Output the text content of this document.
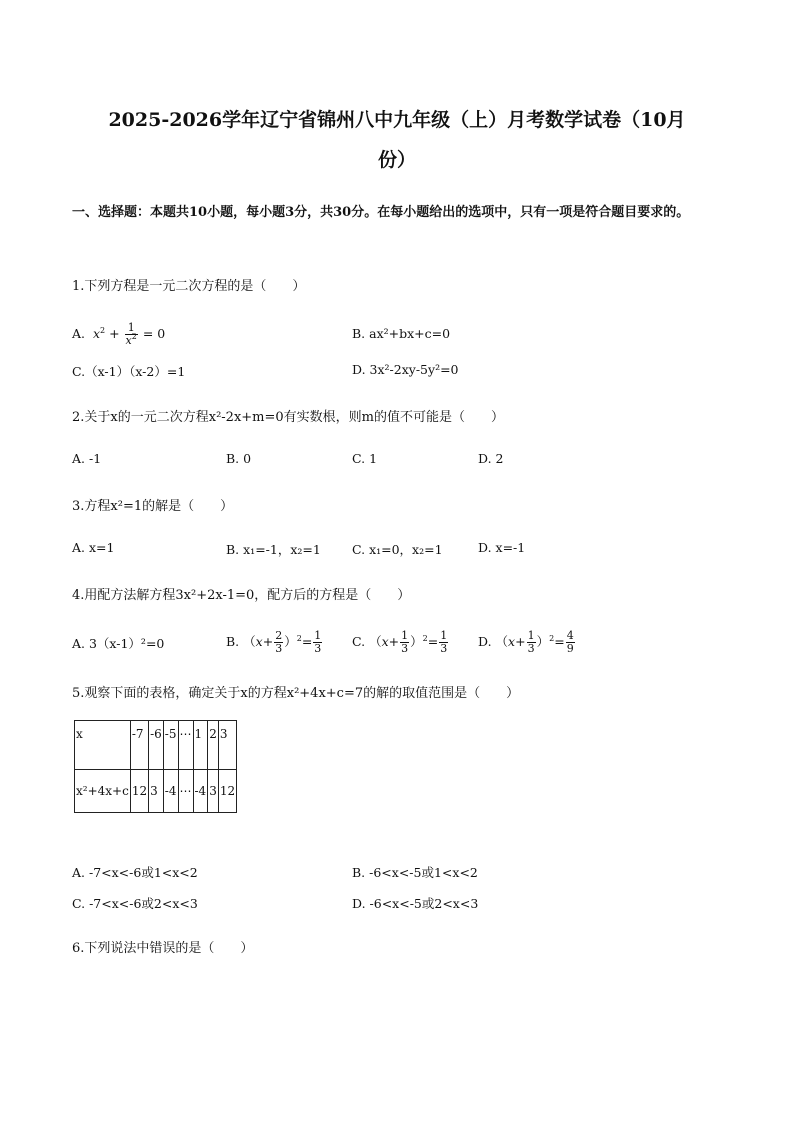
2025-2026学年辽宁省锦州八中九年级（上）月考数学试卷（10月
份）
一、选择题：本题共10小题，每小题3分，共30分。在每小题给出的选项中，只有一项是符合题目要求的。
1.下列方程是一元二次方程的是（　　）
A.  $x^2 + \frac{1}{x^2} = 0$	B. ax²+bx+c=0
C.（x-1）（x-2）=1	D. 3x²-2xy-5y²=0
2.关于x的一元二次方程x²-2x+m=0有实数根，则m的值不可能是（　　）
A. -1	B. 0	C. 1	D. 2
3.方程x²=1的解是（　　）
A. x=1	B. x₁=-1，x₂=1 C. x₁=0，x₂=1	D. x=-1
4.用配方法解方程3x²+2x-1=0，配方后的方程是（　　）
A. 3（x-1）²=0	B. $(x+ \frac{2}{3} )^2= \frac{1}{3} C$. $(x+ \frac{1}{3} )^2= \frac{1}{3} D$. $(x+ \frac{1}{3} )^2= \frac{4}{9}$
5.观察下面的表格，确定关于x的方程x²+4x+c=7的解的取值范围是（　　）
x	-7	-6	-5	⋯	1	2	3
x²+4x+c	12	3	-4	⋯	-4	3	12
A. -7<x<-6或1<x<2	B. -6<x<-5或1<x<2
C. -7<x<-6或2<x<3	D. -6<x<-5或2<x<3
6.下列说法中错误的是（　　）
